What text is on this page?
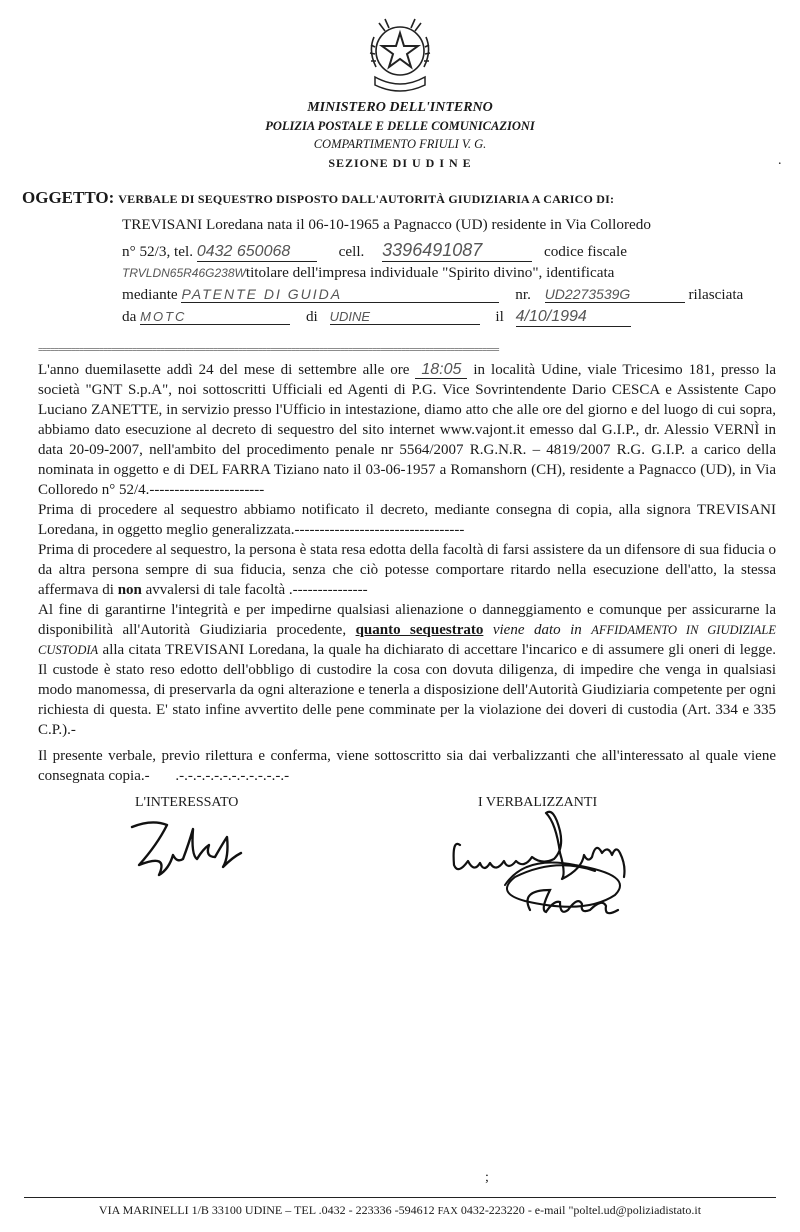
MINISTERO DELL'INTERNO
POLIZIA POSTALE E DELLE COMUNICAZIONI
COMPARTIMENTO FRIULI V. G.
SEZIONE DI U D I N E	.
OGGETTO: VERBALE DI SEQUESTRO DISPOSTO DALL'AUTORITÀ GIUDIZIARIA A CARICO DI:
TREVISANI Loredana nata il 06-10-1965 a Pagnacco (UD) residente in Via Colloredo
n° 52/3, tel. 0432 650068	cell. 3396491087	codice fiscale
TRVLDN65R46G238Wtitolare dell'impresa individuale "Spirito divino", identificata
mediante PATENTE DI GUIDA	nr. UD2273539G	rilasciata
da MOTC	di UDINE	il 4/10/1994
=================================================================================================================

L'anno duemilasette addì 24 del mese di settembre alle ore 18:05 in località Udine, viale Tricesimo 181, presso la società "GNT S.p.A", noi sottoscritti Ufficiali ed Agenti di P.G. Vice Sovrintendente Dario CESCA e Assistente Capo Luciano ZANETTE, in servizio presso l'Ufficio in intestazione, diamo atto che alle ore del giorno e del luogo di cui sopra, abbiamo dato esecuzione al decreto di sequestro del sito internet www.vajont.it emesso dal G.I.P., dr. Alessio VERNÌ in data 20-09-2007, nell'ambito del procedimento penale nr 5564/2007 R.G.N.R. – 4819/2007 R.G. G.I.P. a carico della nominata in oggetto e di DEL FARRA Tiziano nato il 03-06-1957 a Romanshorn (CH), residente a Pagnacco (UD), in Via Colloredo n° 52/4.-----------------------

Prima di procedere al sequestro abbiamo notificato il decreto, mediante consegna di copia, alla signora TREVISANI Loredana, in oggetto meglio generalizzata.----------------------------------

Prima di procedere al sequestro, la persona è stata resa edotta della facoltà di farsi assistere da un difensore di sua fiducia o da altra persona sempre di sua fiducia, senza che ciò potesse comportare ritardo nella esecuzione dell'atto, la stessa affermava di non avvalersi di tale facoltà .---------------

Al fine di garantirne l'integrità e per impedirne qualsiasi alienazione o danneggiamento e comunque per assicurarne la disponibilità all'Autorità Giudiziaria procedente, quanto sequestrato viene dato in AFFIDAMENTO IN GIUDIZIALE CUSTODIA alla citata TREVISANI Loredana, la quale ha dichiarato di accettare l'incarico e di assumere gli oneri di legge. Il custode è stato reso edotto dell'obbligo di custodire la cosa con dovuta diligenza, di impedire che venga in qualsiasi modo manomessa, di preservarla da ogni alterazione e tenerla a disposizione dell'Autorità Giudiziaria competente per ogni richiesta di questa. E' stato infine avvertito delle pene comminate per la violazione dei doveri di custodia (Art. 334 e 335 C.P.).-

Il presente verbale, previo rilettura e conferma, viene sottoscritto sia dai verbalizzanti che all'interessato al quale viene consegnata copia.- .-.-.-.-.-.-.-.-.-.-.-.-.-

L'INTERESSATO	I VERBALIZZANTI
;
VIA MARINELLI 1/B 33100 UDINE – TEL .0432 - 223336 -594612 FAX 0432-223220 - e-mail "poltel.ud@poliziadistato.it
